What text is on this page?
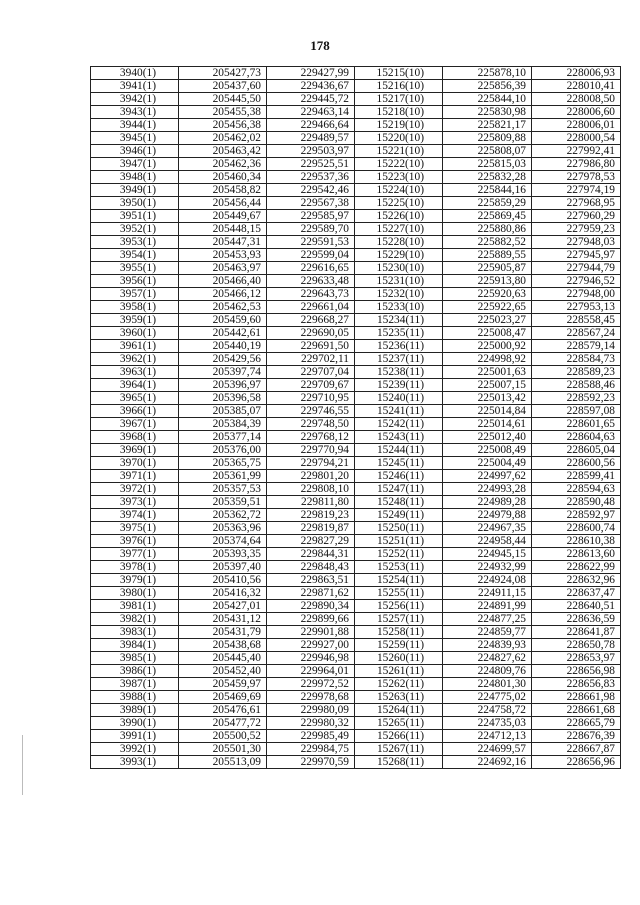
178
3940(1)	205427,73	229427,99	15215(10)	225878,10	228006,93
3941(1)	205437,60	229436,67	15216(10)	225856,39	228010,41
3942(1)	205445,50	229445,72	15217(10)	225844,10	228008,50
3943(1)	205455,38	229463,14	15218(10)	225830,98	228006,60
3944(1)	205456,38	229466,64	15219(10)	225821,17	228006,01
3945(1)	205462,02	229489,57	15220(10)	225809,88	228000,54
3946(1)	205463,42	229503,97	15221(10)	225808,07	227992,41
3947(1)	205462,36	229525,51	15222(10)	225815,03	227986,80
3948(1)	205460,34	229537,36	15223(10)	225832,28	227978,53
3949(1)	205458,82	229542,46	15224(10)	225844,16	227974,19
3950(1)	205456,44	229567,38	15225(10)	225859,29	227968,95
3951(1)	205449,67	229585,97	15226(10)	225869,45	227960,29
3952(1)	205448,15	229589,70	15227(10)	225880,86	227959,23
3953(1)	205447,31	229591,53	15228(10)	225882,52	227948,03
3954(1)	205453,93	229599,04	15229(10)	225889,55	227945,97
3955(1)	205463,97	229616,65	15230(10)	225905,87	227944,79
3956(1)	205466,40	229633,48	15231(10)	225913,80	227946,52
3957(1)	205466,12	229643,73	15232(10)	225920,63	227948,00
3958(1)	205462,53	229661,04	15233(10)	225922,65	227953,13
3959(1)	205459,60	229668,27	15234(11)	225023,27	228558,45
3960(1)	205442,61	229690,05	15235(11)	225008,47	228567,24
3961(1)	205440,19	229691,50	15236(11)	225000,92	228579,14
3962(1)	205429,56	229702,11	15237(11)	224998,92	228584,73
3963(1)	205397,74	229707,04	15238(11)	225001,63	228589,23
3964(1)	205396,97	229709,67	15239(11)	225007,15	228588,46
3965(1)	205396,58	229710,95	15240(11)	225013,42	228592,23
3966(1)	205385,07	229746,55	15241(11)	225014,84	228597,08
3967(1)	205384,39	229748,50	15242(11)	225014,61	228601,65
3968(1)	205377,14	229768,12	15243(11)	225012,40	228604,63
3969(1)	205376,00	229770,94	15244(11)	225008,49	228605,04
3970(1)	205365,75	229794,21	15245(11)	225004,49	228600,56
3971(1)	205361,99	229801,20	15246(11)	224997,62	228599,41
3972(1)	205357,53	229808,10	15247(11)	224993,28	228594,63
3973(1)	205359,51	229811,80	15248(11)	224989,28	228590,48
3974(1)	205362,72	229819,23	15249(11)	224979,88	228592,97
3975(1)	205363,96	229819,87	15250(11)	224967,35	228600,74
3976(1)	205374,64	229827,29	15251(11)	224958,44	228610,38
3977(1)	205393,35	229844,31	15252(11)	224945,15	228613,60
3978(1)	205397,40	229848,43	15253(11)	224932,99	228622,99
3979(1)	205410,56	229863,51	15254(11)	224924,08	228632,96
3980(1)	205416,32	229871,62	15255(11)	224911,15	228637,47
3981(1)	205427,01	229890,34	15256(11)	224891,99	228640,51
3982(1)	205431,12	229899,66	15257(11)	224877,25	228636,59
3983(1)	205431,79	229901,88	15258(11)	224859,77	228641,87
3984(1)	205438,68	229927,00	15259(11)	224839,93	228650,78
3985(1)	205445,40	229946,98	15260(11)	224827,62	228653,97
3986(1)	205452,40	229964,01	15261(11)	224809,76	228656,98
3987(1)	205459,97	229972,52	15262(11)	224801,30	228656,83
3988(1)	205469,69	229978,68	15263(11)	224775,02	228661,98
3989(1)	205476,61	229980,09	15264(11)	224758,72	228661,68
3990(1)	205477,72	229980,32	15265(11)	224735,03	228665,79
3991(1)	205500,52	229985,49	15266(11)	224712,13	228676,39
3992(1)	205501,30	229984,75	15267(11)	224699,57	228667,87
3993(1)	205513,09	229970,59	15268(11)	224692,16	228656,96
